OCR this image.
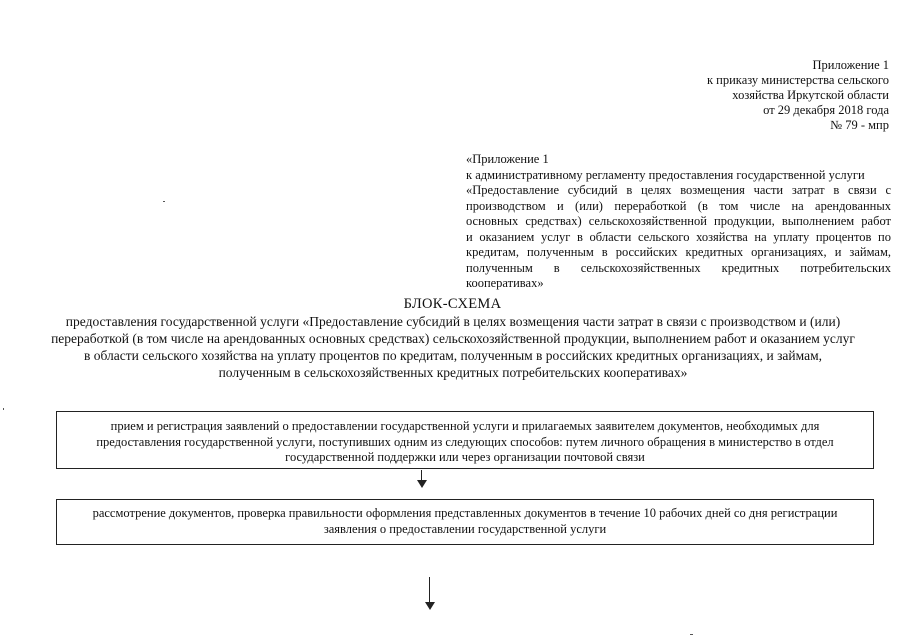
Приложение 1
к приказу министерства сельского
хозяйства Иркутской области
от 29 декабря 2018 года
№ 79 - мпр
«Приложение 1
к административному регламенту предоставления государственной услуги
«Предоставление субсидий в целях возмещения части затрат в связи с
производством и (или) переработкой (в том числе на арендованных
основных средствах) сельскохозяйственной продукции, выполнением работ
и оказанием услуг в области сельского хозяйства на уплату процентов по
кредитам, полученным в российских кредитных организациях, и займам,
полученным в сельскохозяйственных кредитных потребительских
кооперативах»
БЛОК-СХЕМА
предоставления государственной услуги «Предоставление субсидий в целях возмещения части затрат в связи с производством и (или)
переработкой (в том числе на арендованных основных средствах) сельскохозяйственной продукции, выполнением работ и оказанием услуг
в области сельского хозяйства на уплату процентов по кредитам, полученным в российских кредитных организациях, и займам,
полученным в сельскохозяйственных кредитных потребительских кооперативах»
прием и регистрация заявлений о предоставлении государственной услуги и прилагаемых заявителем документов, необходимых для
предоставления государственной услуги, поступивших одним из следующих способов: путем личного обращения в министерство в отдел
государственной поддержки или через организации почтовой связи
рассмотрение документов, проверка правильности оформления представленных документов в течение 10 рабочих дней со дня регистрации
заявления о предоставлении государственной услуги
